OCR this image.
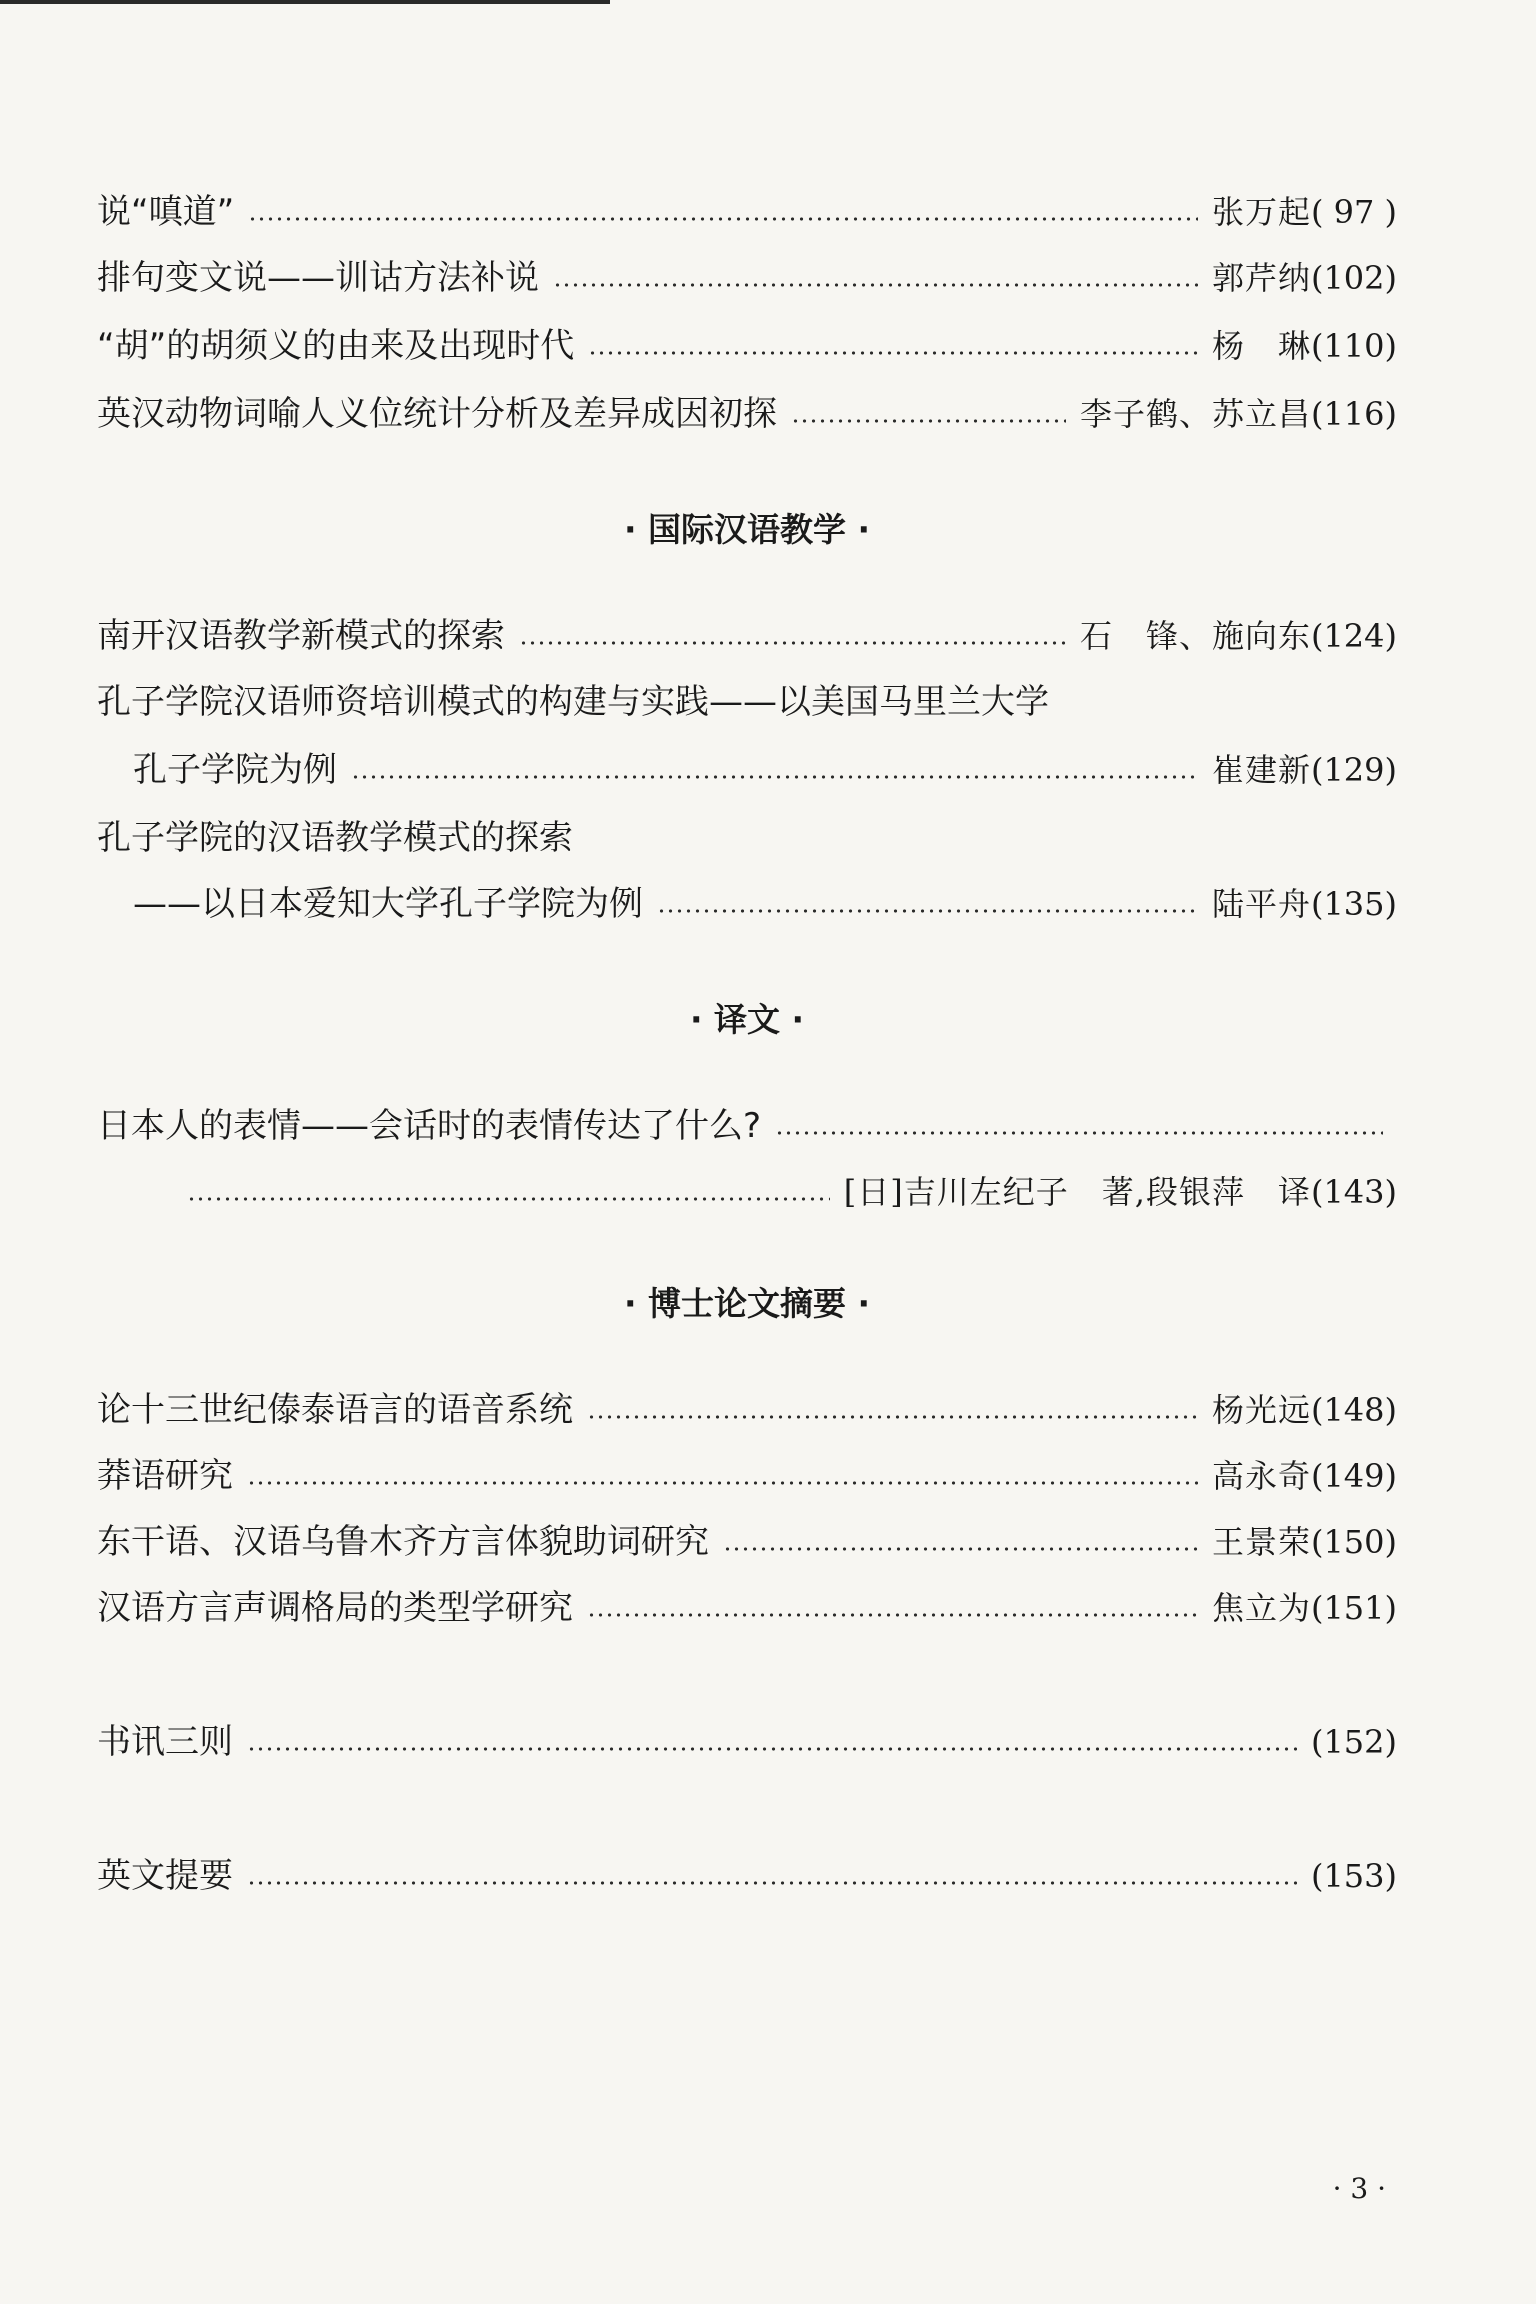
说“嗔道”	张万起 ( 97 )
排句变文说——训诂方法补说	郭芹纳 (102)
“胡”的胡须义的由来及出现时代	杨　琳 (110)
英汉动物词喻人义位统计分析及差异成因初探	李子鹤、苏立昌 (116)
· 国际汉语教学 ·
南开汉语教学新模式的探索	石　锋、施向东 (124)
孔子学院汉语师资培训模式的构建与实践——以美国马里兰大学
孔子学院为例	崔建新 (129)
孔子学院的汉语教学模式的探索
——以日本爱知大学孔子学院为例	陆平舟 (135)
· 译文 ·
日本人的表情——会话时的表情传达了什么?
[日]吉川左纪子　著,段银萍　译 (143)
· 博士论文摘要 ·
论十三世纪傣泰语言的语音系统	杨光远 (148)
莽语研究	高永奇 (149)
东干语、汉语乌鲁木齐方言体貌助词研究	王景荣 (150)
汉语方言声调格局的类型学研究	焦立为 (151)
书讯三则	(152)
英文提要	(153)
· 3 ·
